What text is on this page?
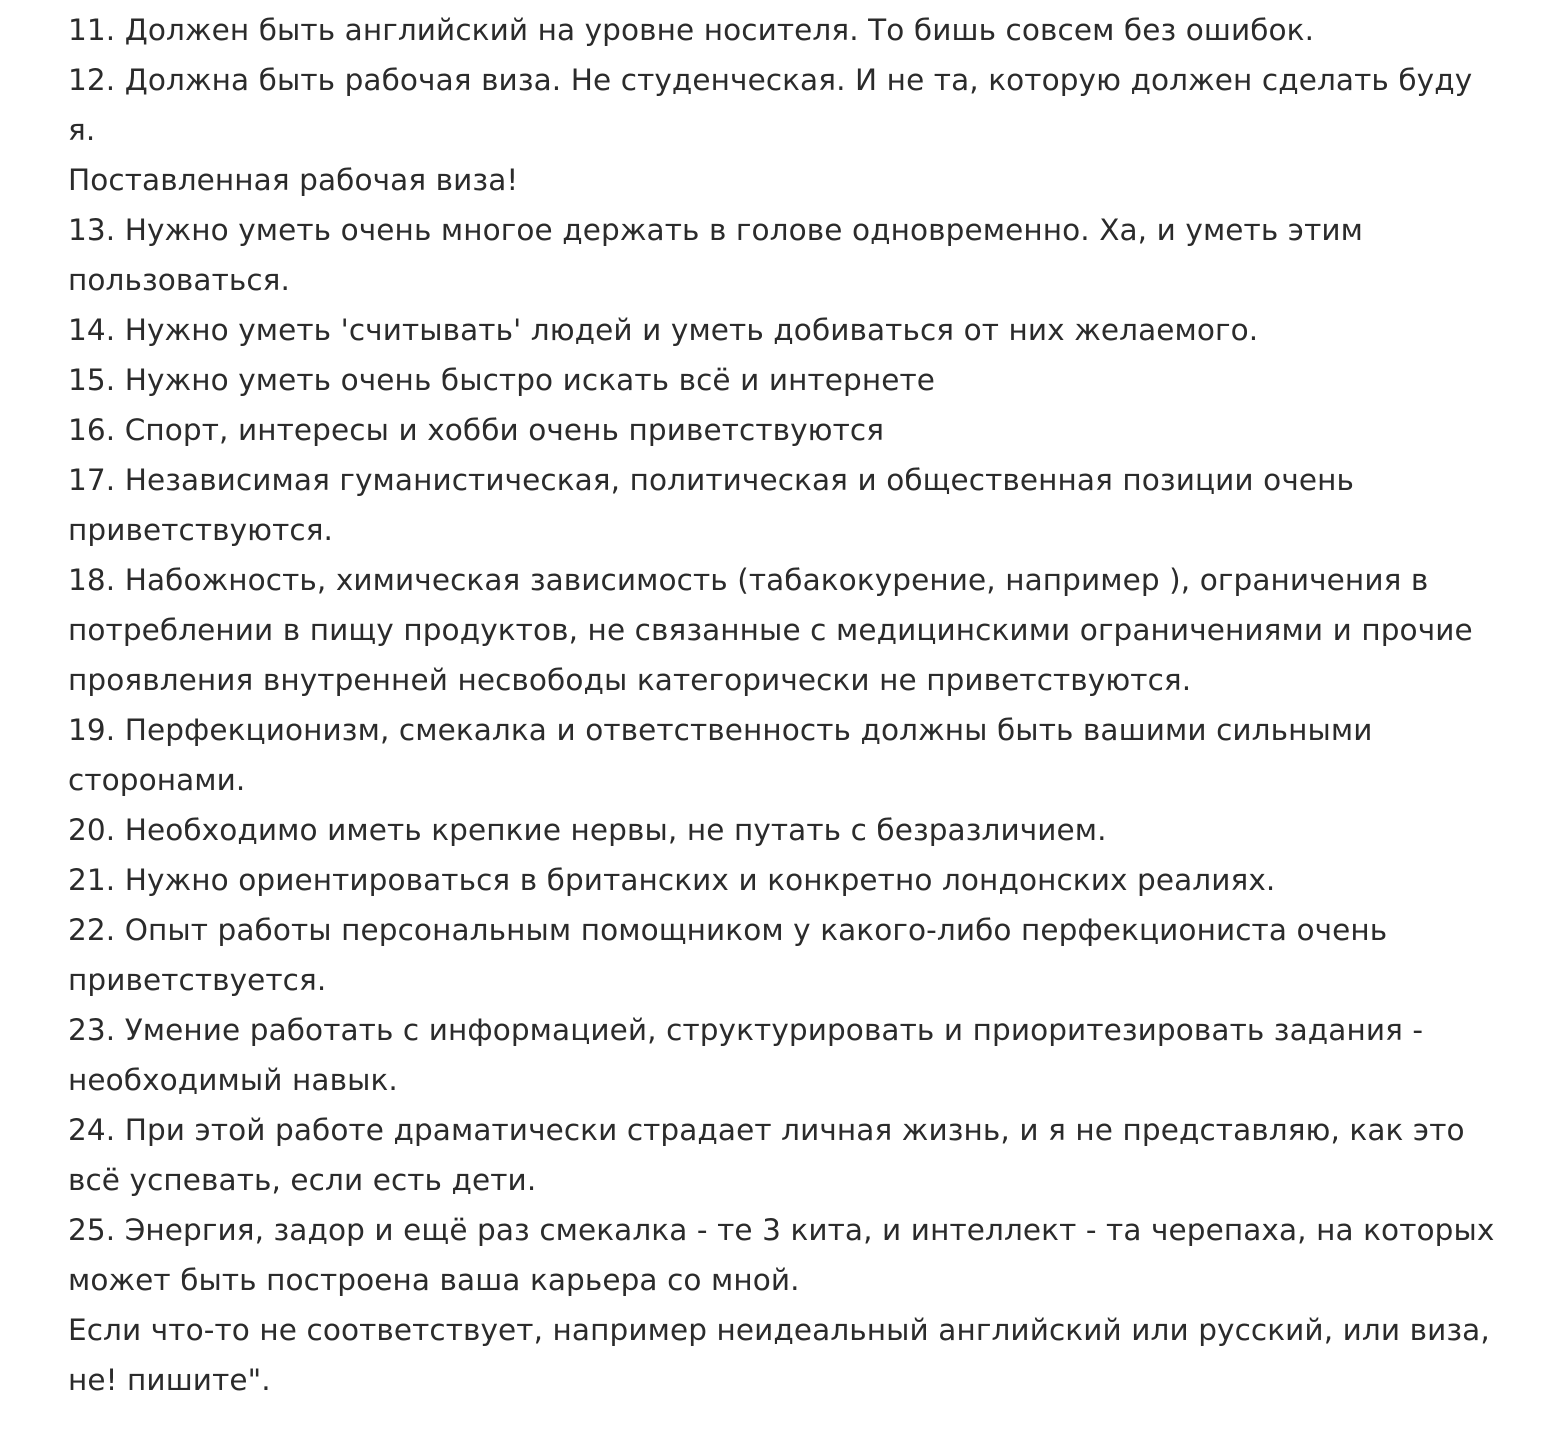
11. Должен быть английский на уровне носителя. То бишь совсем без ошибок.

12. Должна быть рабочая виза. Не студенческая. И не та, которую должен сделать буду я.

Поставленная рабочая виза!

13. Нужно уметь очень многое держать в голове одновременно. Ха, и уметь этим пользоваться.

14. Нужно уметь 'считывать' людей и уметь добиваться от них желаемого.

15. Нужно уметь очень быстро искать всё и интернете

16. Спорт, интересы и хобби очень приветствуются

17. Независимая гуманистическая, политическая и общественная позиции очень приветствуются.

18. Набожность, химическая зависимость (табакокурение, например ), ограничения в потреблении в пищу продуктов, не связанные с медицинскими ограничениями и прочие проявления внутренней несвободы категорически не приветствуются.

19. Перфекционизм, смекалка и ответственность должны быть вашими сильными сторонами.

20. Необходимо иметь крепкие нервы, не путать с безразличием.

21. Нужно ориентироваться в британских и конкретно лондонских реалиях.

22. Опыт работы персональным помощником у какого-либо перфекциониста очень приветствуется.

23. Умение работать с информацией, структурировать и приоритезировать задания - необходимый навык.

24. При этой работе драматически страдает личная жизнь, и я не представляю, как это всё успевать, если есть дети.

25. Энергия, задор и ещё раз смекалка - те 3 кита, и интеллект - та черепаха, на которых может быть построена ваша карьера со мной.

Если что-то не соответствует, например неидеальный английский или русский, или виза, не! пишите".
